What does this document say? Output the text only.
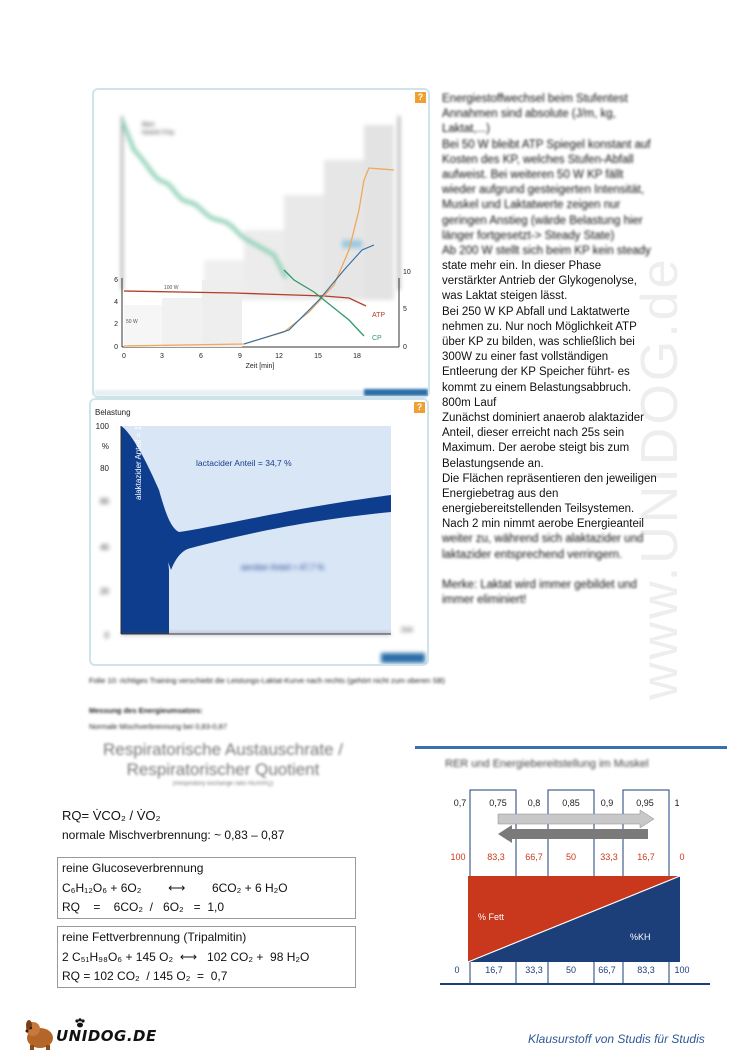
www.UNIDOG.de
?
Mann
Gewicht 70 kg
6
4
2
0
10
5
0
0	3	6	9	12	15	18
Zeit [min]
100 W
50 W
ATP
CP
?
Belastung
100
%
80
60
40
20
0
lactacider Anteil = 34,7 %
alaktazider Anteil = 17,6 %
aerober Anteil = 47,7 %
Zeit
Energiestoffwechsel beim Stufentest
Annahmen sind absolute (J/m, kg,
Laktat,...)
Bei 50 W bleibt ATP Spiegel konstant auf
Kosten des KP, welches Stufen-Abfall
aufweist. Bei weiteren 50 W KP fällt
wieder aufgrund gesteigerten Intensität,
Muskel und Laktatwerte zeigen nur
geringen Anstieg (wärde Belastung hier
länger fortgesetzt-> Steady State)
Ab 200 W stellt sich beim KP kein steady
state mehr ein. In dieser Phase
verstärkter Antrieb der Glykogenolyse,
was Laktat steigen lässt.
Bei 250 W KP Abfall und Laktatwerte
nehmen zu. Nur noch Möglichkeit ATP
über KP zu bilden, was schließlich bei
300W zu einer fast vollständigen
Entleerung der KP Speicher führt- es
kommt zu einem Belastungsabbruch.
800m Lauf
Zunächst dominiert anaerob alaktazider
Anteil, dieser erreicht nach 25s sein
Maximum. Der aerobe steigt bis zum
Belastungsende an.
Die Flächen repräsentieren den jeweiligen
Energiebetrag aus den
energiebereitstellenden Teilsystemen.
Nach 2 min nimmt aerobe Energieanteil
weiter zu, während sich alaktazider und
laktazider entsprechend verringern.
Merke: Laktat wird immer gebildet und
immer eliminiert!
Folie 10: richtiges Training verschiebt die Leistungs-Laktat-Kurve nach rechts (gehört nicht zum oberen SB)
Messung des Energieumsatzes:
Normale Mischverbrennung bei 0,83-0,87
Respiratorische Austauschrate /
Respiratorischer Quotient
(Respiratory exchange ratio RER/RQ)
RQ= V̇CO₂ / V̇O₂
normale Mischverbrennung: ~ 0,83 – 0,87
reine Glucoseverbrennung
C₆H₁₂O₆ + 6O₂        ⟷        6CO₂ + 6 H₂O
RQ    =    6CO₂  /   6O₂   =  1,0
reine Fettverbrennung (Tripalmitin)
2 C₅₁H₉₈O₆ + 145 O₂  ⟷   102 CO₂ +  98 H₂O
RQ = 102 CO₂  / 145 O₂  =  0,7
RER und Energiebereitstellung im Muskel
0,7	0,75 0,8 0,85 0,9	0,95 1
100 83,3 66,7	50	33,3 16,7	0
% Fett
%KH
0	16,7 33,3	50 66,7 83,3 100
UNIDOG.DE	Klausurstoff von Studis für Studis
